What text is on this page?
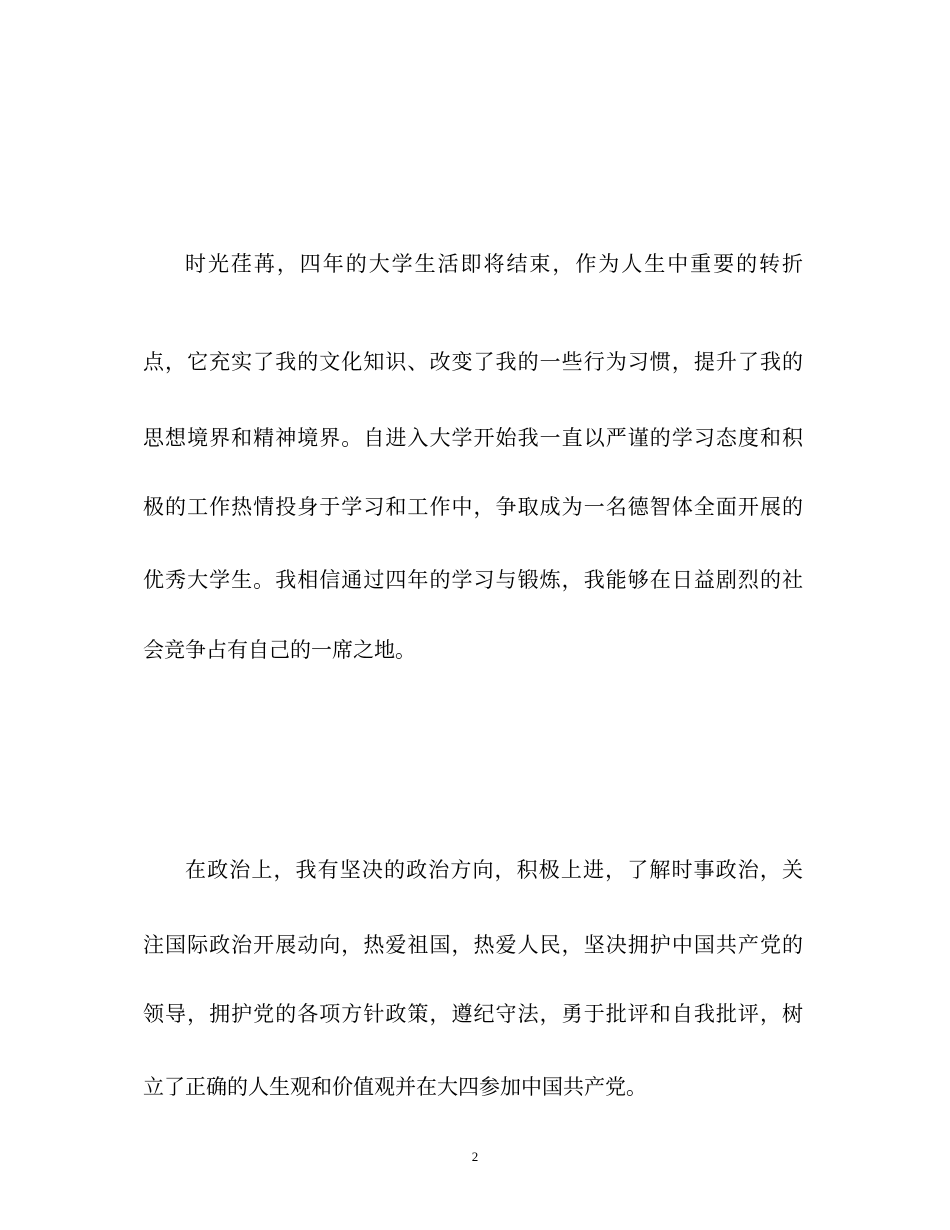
时光荏苒，四年的大学生活即将结束，作为人生中重要的转折
点，它充实了我的文化知识、改变了我的一些行为习惯，提升了我的
思想境界和精神境界。自进入大学开始我一直以严谨的学习态度和积
极的工作热情投身于学习和工作中，争取成为一名德智体全面开展的
优秀大学生。我相信通过四年的学习与锻炼，我能够在日益剧烈的社
会竞争占有自己的一席之地。
在政治上，我有坚决的政治方向，积极上进，了解时事政治，关
注国际政治开展动向，热爱祖国，热爱人民，坚决拥护中国共产党的
领导，拥护党的各项方针政策，遵纪守法，勇于批评和自我批评，树
立了正确的人生观和价值观并在大四参加中国共产党。
2
